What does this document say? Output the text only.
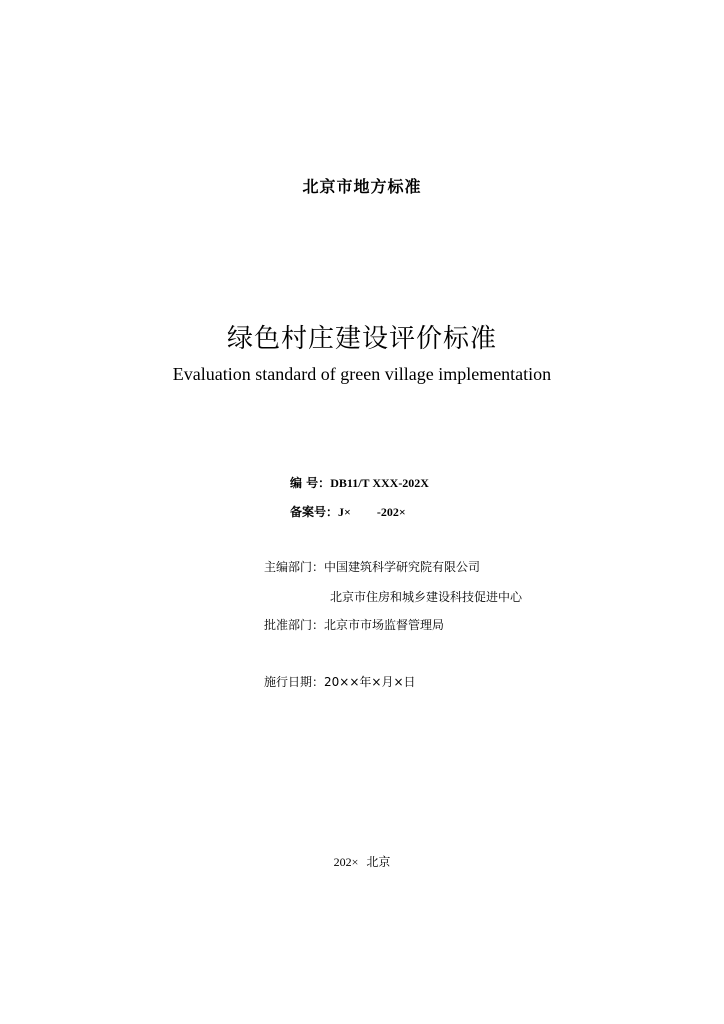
北京市地方标准
绿色村庄建设评价标准
Evaluation standard of green village implementation
编 号：DB11/T XXX-202X
备案号：J× -202×
主编部门：中国建筑科学研究院有限公司
北京市住房和城乡建设科技促进中心
批准部门：北京市市场监督管理局
施行日期：20××年×月×日
202× 北京
